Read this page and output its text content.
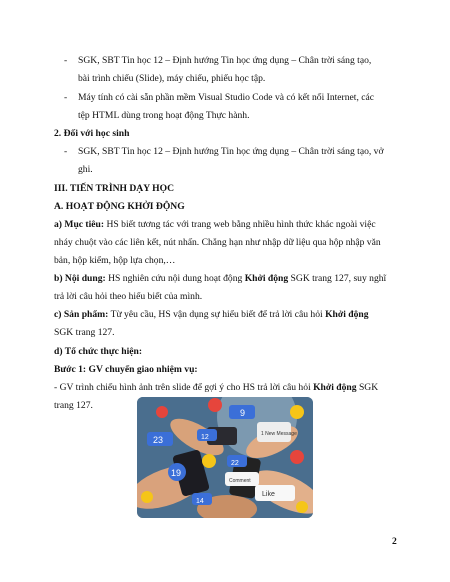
- SGK, SBT Tin học 12 – Định hướng Tin học ứng dụng – Chân trời sáng tạo,
bài trình chiếu (Slide), máy chiếu, phiếu học tập.
- Máy tính có cài sẵn phần mềm Visual Studio Code và có kết nối Internet, các
tệp HTML dùng trong hoạt động Thực hành.
2. Đối với học sinh
- SGK, SBT Tin học 12 – Định hướng Tin học ứng dụng – Chân trời sáng tạo, vở
ghi.
III. TIẾN TRÌNH DẠY HỌC
A. HOẠT ĐỘNG KHỞI ĐỘNG
a) Mục tiêu: HS biết tương tác với trang web bằng nhiều hình thức khác ngoài việc
nháy chuột vào các liên kết, nút nhấn. Chẳng hạn như nhập dữ liệu qua hộp nhập văn
bản, hộp kiểm, hộp lựa chọn,…
b) Nội dung: HS nghiên cứu nội dung hoạt động Khởi động SGK trang 127, suy nghĩ
trả lời câu hỏi theo hiểu biết của mình.
c) Sản phẩm: Từ yêu cầu, HS vận dụng sự hiểu biết để trả lời câu hỏi Khởi động
SGK trang 127.
d) Tổ chức thực hiện:
Bước 1: GV chuyển giao nhiệm vụ:
- GV trình chiếu hình ảnh trên slide để gợi ý cho HS trả lời câu hỏi Khởi động SGK
trang 127.
23	12
9
19
22
14
Like
Comment
1 New Message
2
